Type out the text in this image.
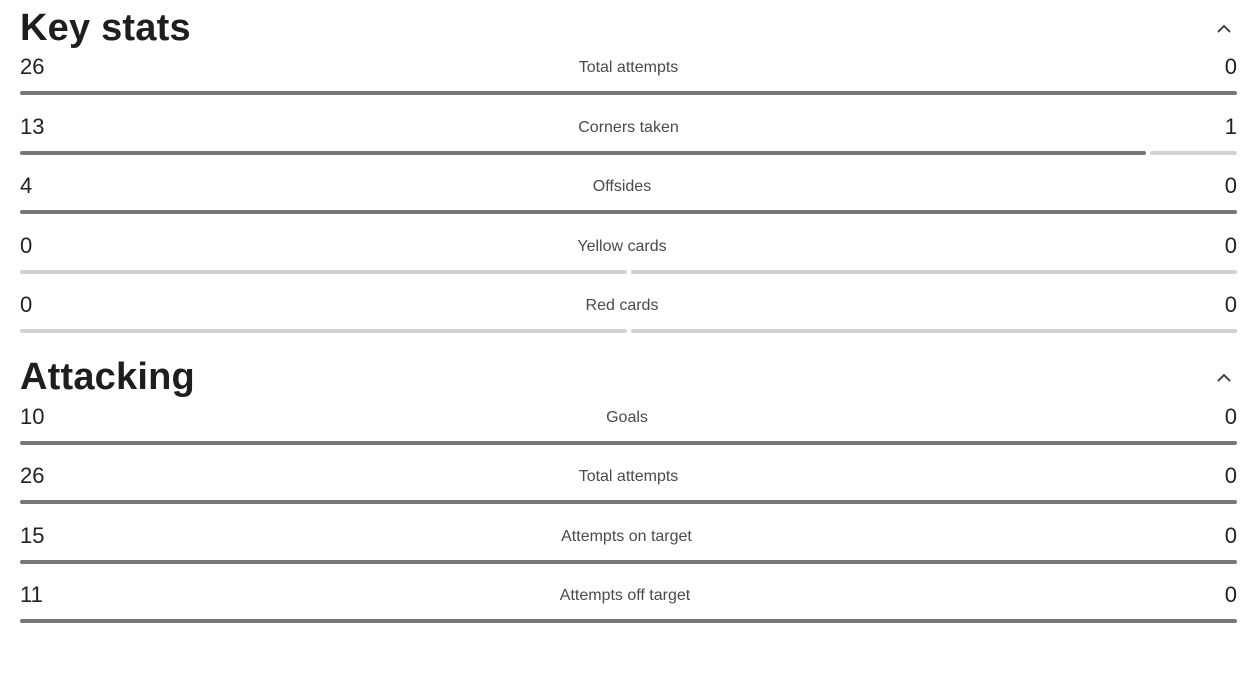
Key stats
26	Total attempts	0
13	Corners taken	1
4	Offsides	0
0	Yellow cards	0
0	Red cards	0
Attacking
10	Goals	0
26	Total attempts	0
15	Attempts on target	0
11	Attempts off target	0
